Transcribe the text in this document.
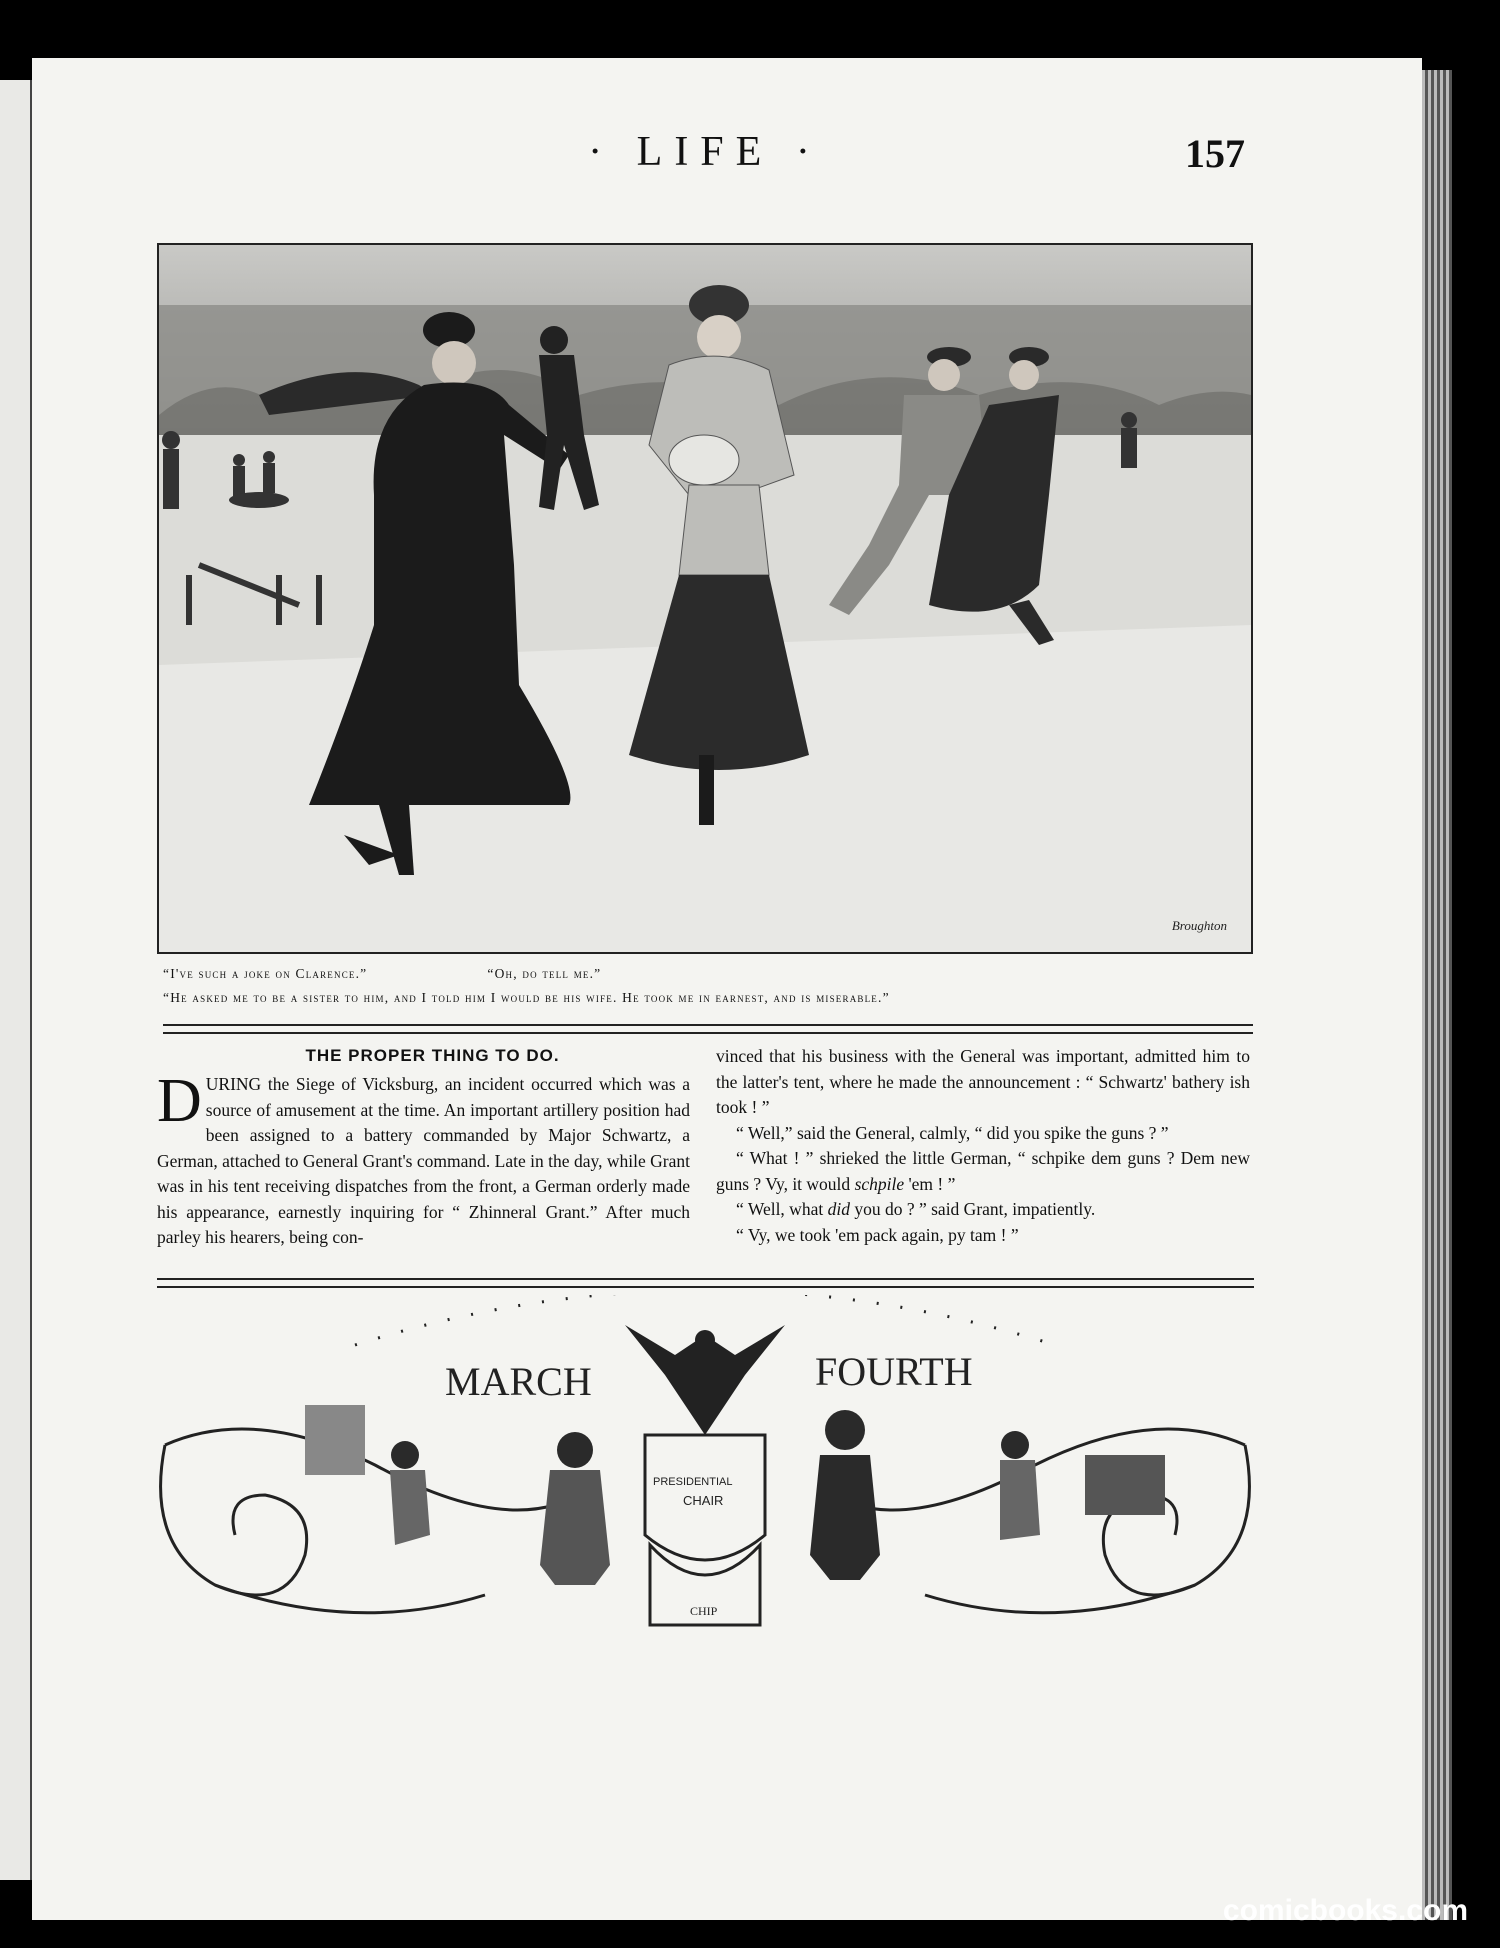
· LIFE ·	157
Broughton
“I've such a joke on Clarence.”	“Oh, do tell me.”
“He asked me to be a sister to him, and I told him I would be his wife. He took me in earnest, and is miserable.”
THE PROPER THING TO DO.

DURING the Siege of Vicksburg, an incident occurred which was a source of amusement at the time. An important artillery position had been assigned to a battery commanded by Major Schwartz, a German, attached to General Grant's command. Late in the day, while Grant was in his tent receiving dispatches from the front, a German orderly made his appearance, earnestly inquiring for “ Zhinneral Grant.” After much parley his hearers, being con-

vinced that his business with the General was important, admitted him to the latter's tent, where he made the announcement : “ Schwartz' bathery ish took ! ”

“ Well,” said the General, calmly, “ did you spike the guns ? ”

“ What ! ” shrieked the little German, “ schpike dem guns ? Dem new guns ? Vy, it would schpile 'em ! ”

“ Well, what did you do ? ” said Grant, impatiently.

“ Vy, we took 'em pack again, py tam ! ”

MARCH	FOURTH
PRESIDENTIAL
CHAIR
CHIP
comicbooks.com
